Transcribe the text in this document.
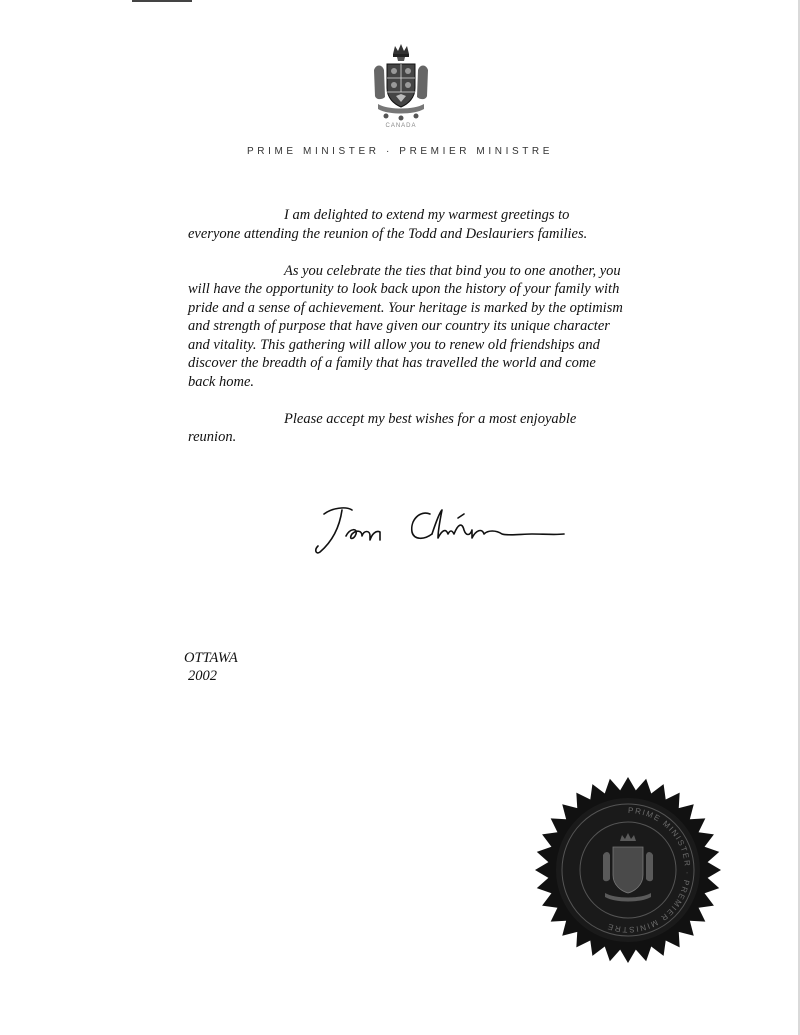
CANADA
PRIME MINISTER · PREMIER MINISTRE

I am delighted to extend my warmest greetings to everyone attending the reunion of the Todd and Deslauriers families.

As you celebrate the ties that bind you to one another, you will have the opportunity to look back upon the history of your family with pride and a sense of achievement. Your heritage is marked by the optimism and strength of purpose that have given our country its unique character and vitality. This gathering will allow you to renew old friendships and discover the breadth of a family that has travelled the world and come back home.

Please accept my best wishes for a most enjoyable reunion.

OTTAWA
2002
PRIME MINISTER · PREMIER MINISTRE
